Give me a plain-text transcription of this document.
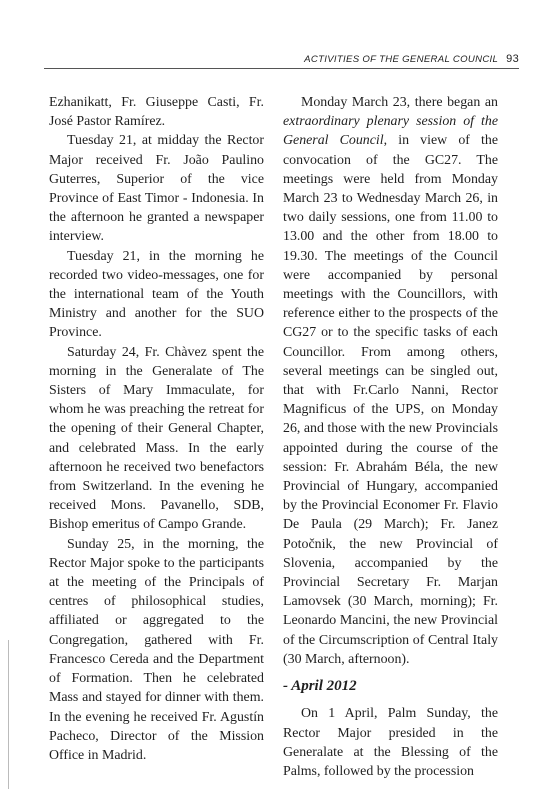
ACTIVITIES OF THE GENERAL COUNCIL 93

Ezhanikatt, Fr. Giuseppe Casti, Fr. José Pastor Ramírez.

Tuesday 21, at midday the Rector Major received Fr. João Paulino Guterres, Superior of the vice Province of East Timor - Indonesia. In the afternoon he granted a newspaper interview.

Tuesday 21, in the morning he recorded two video-messages, one for the international team of the Youth Ministry and another for the SUO Province.

Saturday 24, Fr. Chàvez spent the morning in the Generalate of The Sisters of Mary Immaculate, for whom he was preaching the retreat for the opening of their General Chapter, and celebrated Mass. In the early afternoon he received two benefactors from Switzerland. In the evening he received Mons. Pavanello, SDB, Bishop emeritus of Campo Grande.

Sunday 25, in the morning, the Rector Major spoke to the participants at the meeting of the Principals of centres of philosophical studies, affiliated or aggregated to the Congregation, gathered with Fr. Francesco Cereda and the Department of Formation. Then he celebrated Mass and stayed for dinner with them. In the evening he received Fr. Agustín Pacheco, Director of the Mission Office in Madrid.

Monday March 23, there began an extraordinary plenary session of the General Council, in view of the convocation of the GC27. The meetings were held from Monday March 23 to Wednesday March 26, in two daily sessions, one from 11.00 to 13.00 and the other from 18.00 to 19.30. The meetings of the Council were accompanied by personal meetings with the Councillors, with reference either to the prospects of the CG27 or to the specific tasks of each Councillor. From among others, several meetings can be singled out, that with Fr.Carlo Nanni, Rector Magnificus of the UPS, on Monday 26, and those with the new Provincials appointed during the course of the session: Fr. Abrahám Béla, the new Provincial of Hungary, accompanied by the Provincial Economer Fr. Flavio De Paula (29 March); Fr. Janez Potočnik, the new Provincial of Slovenia, accompanied by the Provincial Secretary Fr. Marjan Lamovsek (30 March, morning); Fr. Leonardo Mancini, the new Provincial of the Circumscription of Central Italy (30 March, afternoon).

- April 2012

On 1 April, Palm Sunday, the Rector Major presided in the Generalate at the Blessing of the Palms, followed by the procession
